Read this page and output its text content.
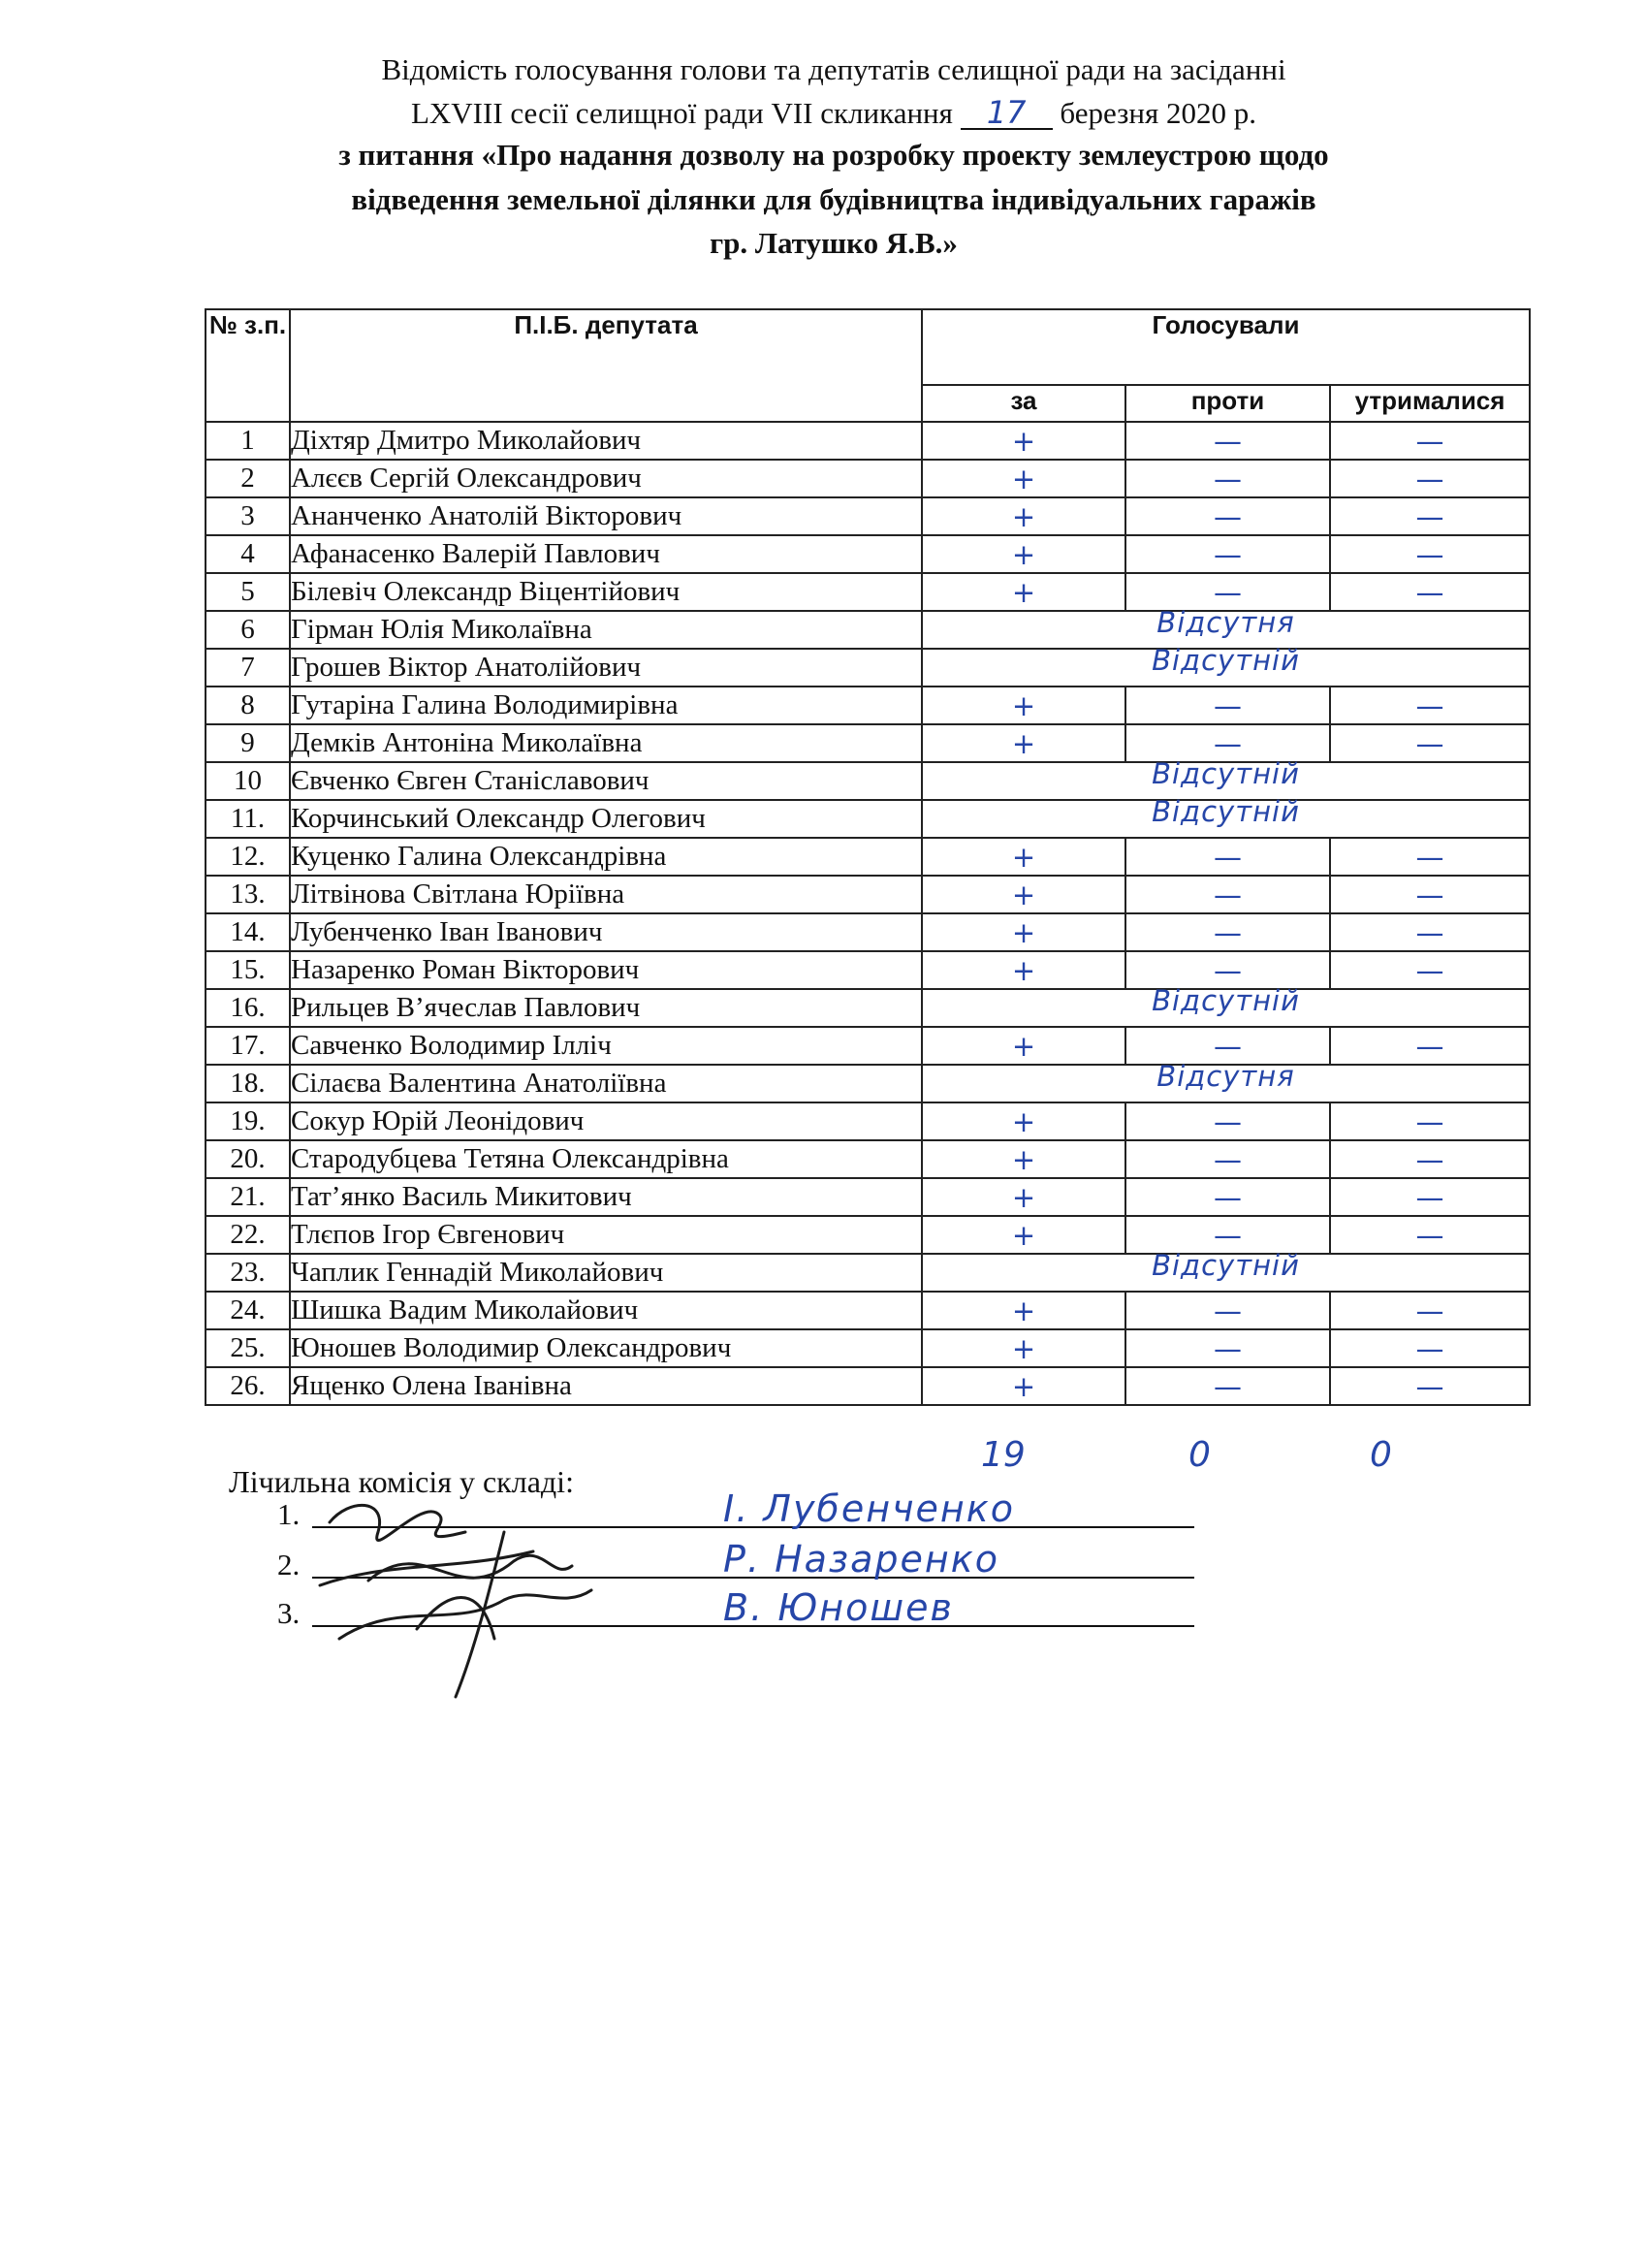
Відомість голосування голови та депутатів селищної ради на засіданні
LXVIII сесії селищної ради VII скликання 17 березня 2020 р.
з питання «Про надання дозволу на розробку проекту землеустрою щодо
відведення земельної ділянки для будівництва індивідуальних гаражів
гр. Латушко Я.В.»
№ з.п.	П.І.Б. депутата	Голосували		
		за	проти	утрималися
1	Діхтяр Дмитро Миколайович	+	—	—
2	Алєєв Сергій Олександрович	+	—	—
3	Ананченко Анатолій Вікторович	+	—	—
4	Афанасенко Валерій Павлович	+	—	—
5	Білевіч Олександр Віцентійович	+	—	—
6	Гірман Юлія Миколаївна	Відсутня		
7	Грошев Віктор Анатолійович	Відсутній		
8	Гутаріна Галина Володимирівна	+	—	—
9	Демків Антоніна Миколаївна	+	—	—
10	Євченко Євген Станіславович	Відсутній		
11.	Корчинський Олександр Олегович	Відсутній		
12.	Куценко Галина Олександрівна	+	—	—
13.	Літвінова Світлана Юріївна	+	—	—
14.	Лубенченко Іван Іванович	+	—	—
15.	Назаренко Роман Вікторович	+	—	—
16.	Рильцев В’ячеслав Павлович	Відсутній		
17.	Савченко Володимир Ілліч	+	—	—
18.	Сілаєва Валентина Анатоліївна	Відсутня		
19.	Сокур Юрій Леонідович	+	—	—
20.	Стародубцева Тетяна Олександрівна	+	—	—
21.	Тат’янко Василь Микитович	+	—	—
22.	Тлєпов Ігор Євгенович	+	—	—
23.	Чаплик Геннадій Миколайович	Відсутній		
24.	Шишка Вадим Миколайович	+	—	—
25.	Юношев Володимир Олександрович	+	—	—
26.	Ященко Олена Іванівна	+	—	—
19	0	0
Лічильна комісія у складі:
1.	І. Лубенченко
2.	Р. Назаренко
3.	В. Юношев
